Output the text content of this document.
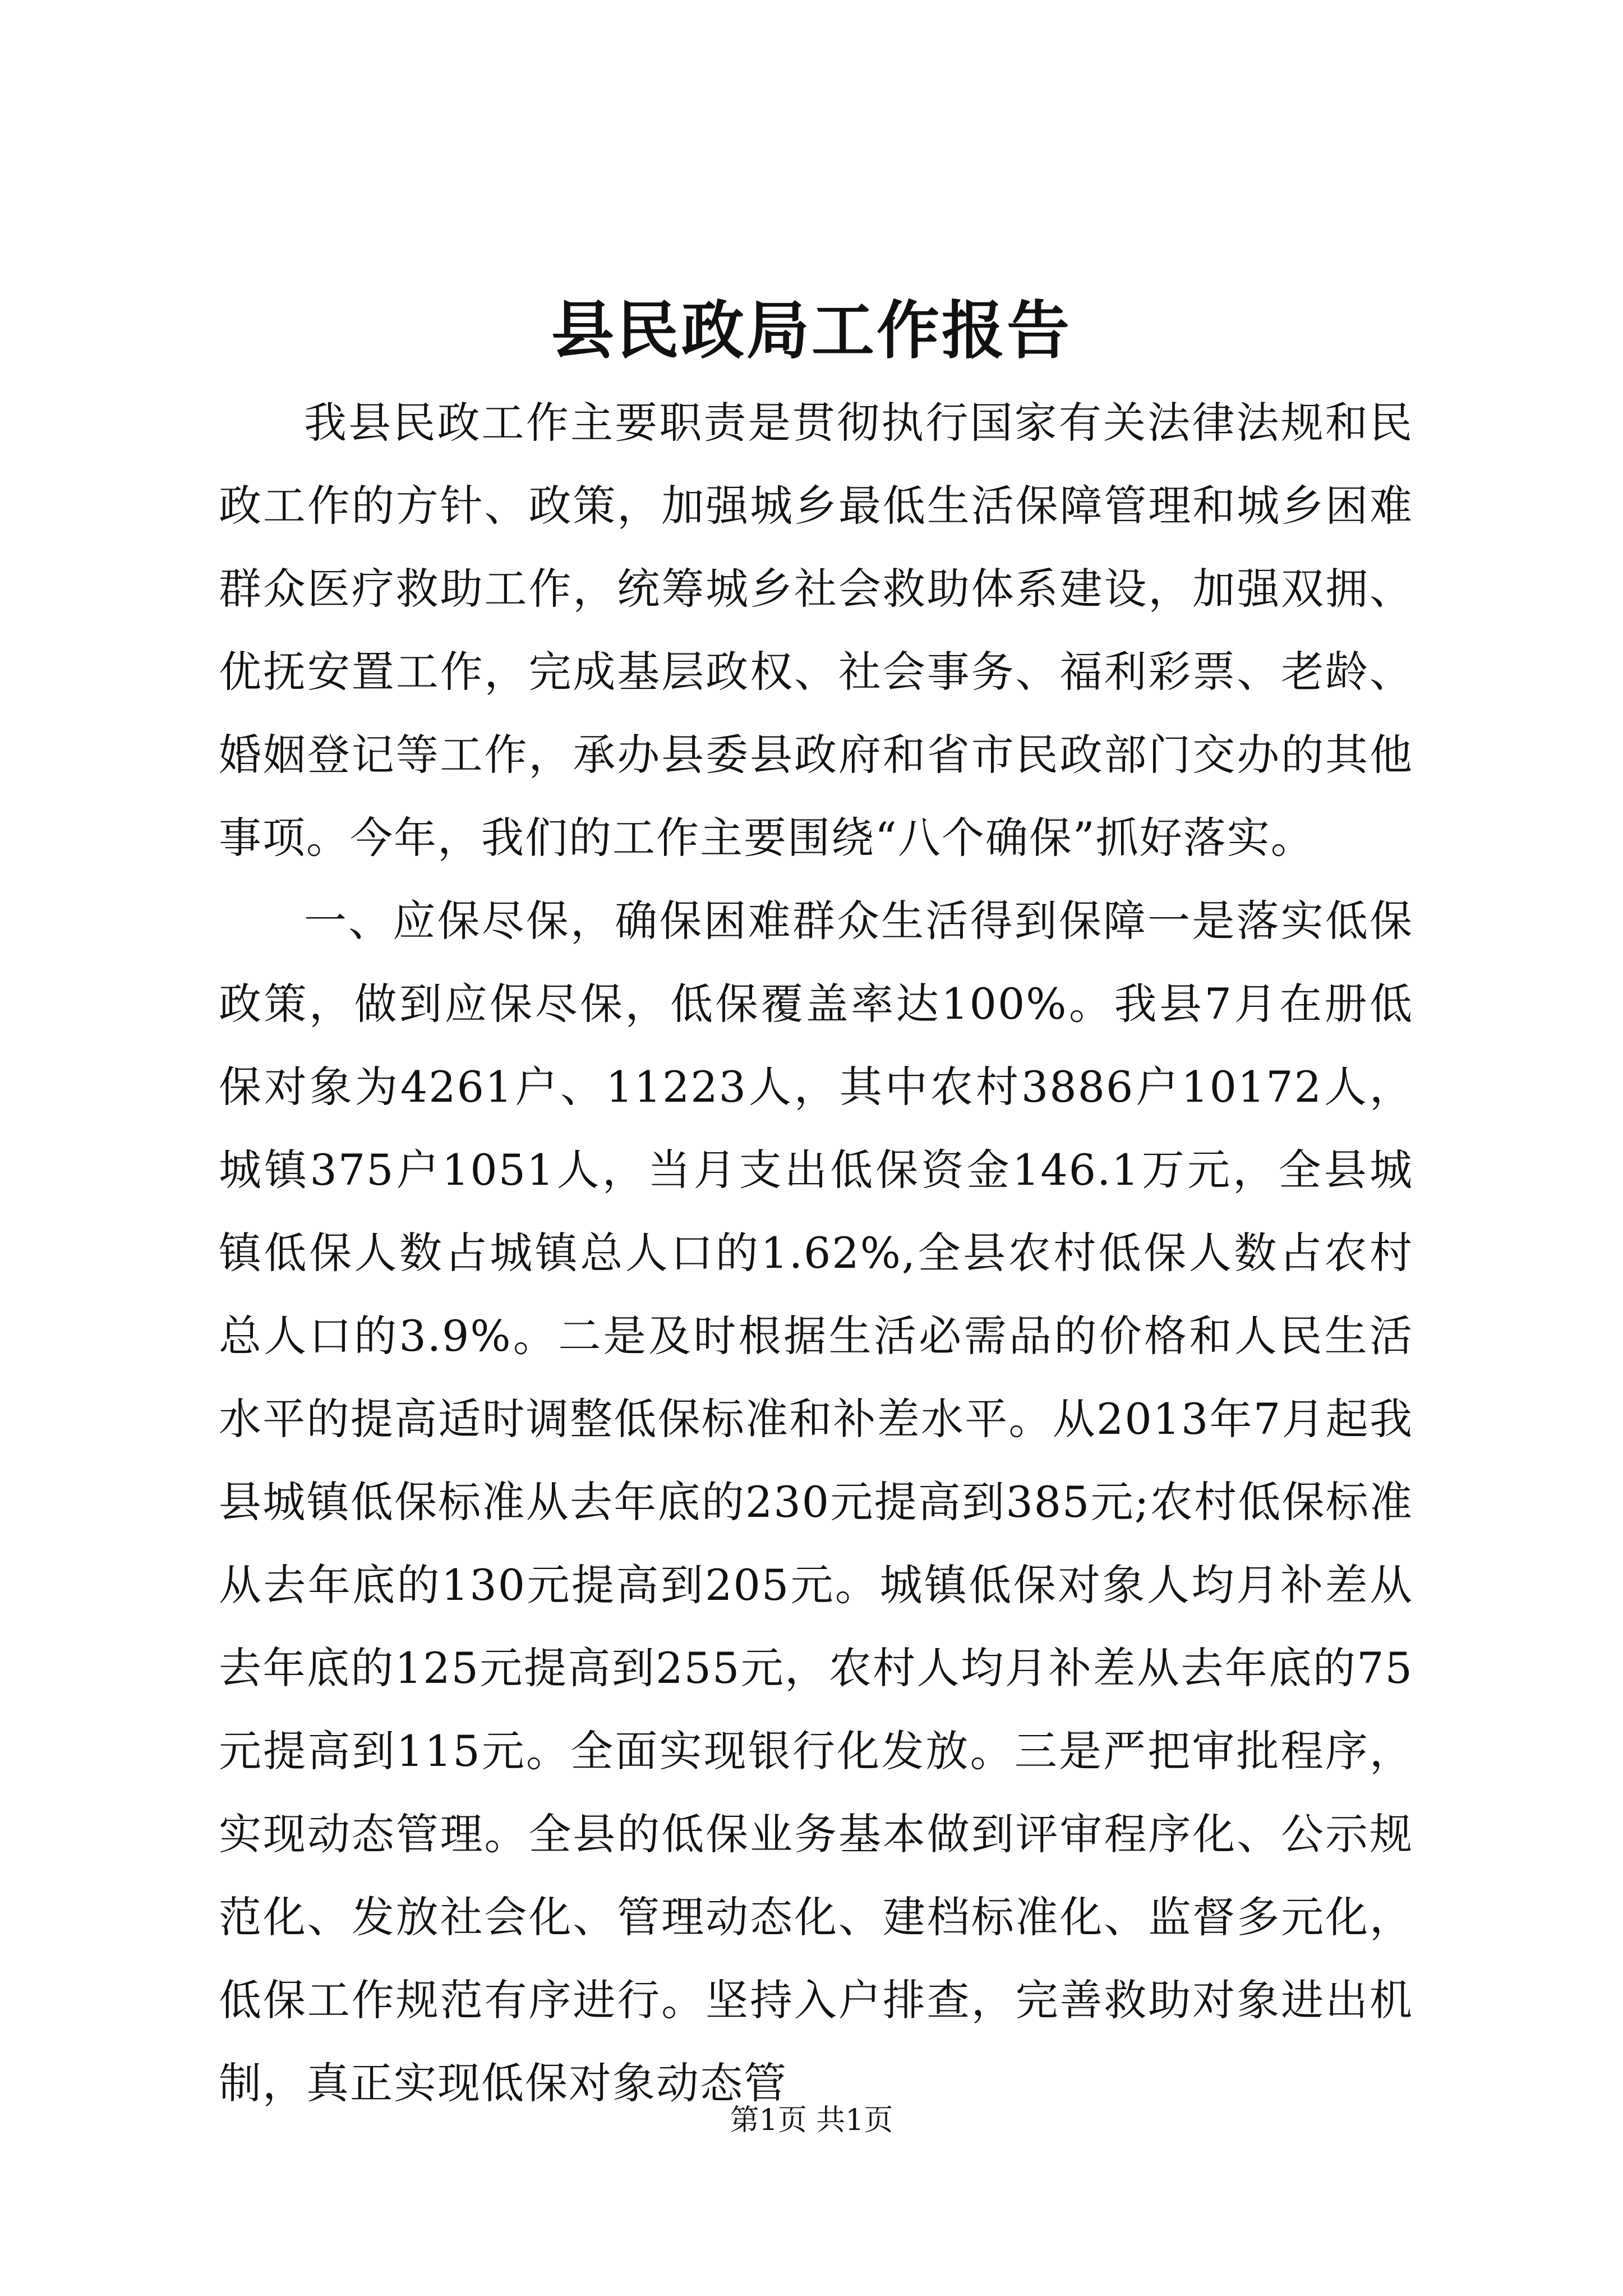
县民政局工作报告

我县民政工作主要职责是贯彻执行国家有关法律法规和民政工作的方针、政策，加强城乡最低生活保障管理和城乡困难群众医疗救助工作，统筹城乡社会救助体系建设，加强双拥、优抚安置工作，完成基层政权、社会事务、福利彩票、老龄、婚姻登记等工作，承办县委县政府和省市民政部门交办的其他事项。今年，我们的工作主要围绕“八个确保”抓好落实。

一、应保尽保，确保困难群众生活得到保障一是落实低保政策，做到应保尽保，低保覆盖率达100%。我县7月在册低保对象为4261户、11223人，其中农村3886户10172人，城镇375户1051人，当月支出低保资金146.1万元，全县城镇低保人数占城镇总人口的1.62%,全县农村低保人数占农村总人口的3.9%。二是及时根据生活必需品的价格和人民生活水平的提高适时调整低保标准和补差水平。从2013年7月起我县城镇低保标准从去年底的230元提高到385元;农村低保标准从去年底的130元提高到205元。城镇低保对象人均月补差从去年底的125元提高到255元，农村人均月补差从去年底的75元提高到115元。全面实现银行化发放。三是严把审批程序，实现动态管理。全县的低保业务基本做到评审程序化、公示规范化、发放社会化、管理动态化、建档标准化、监督多元化，低保工作规范有序进行。坚持入户排查，完善救助对象进出机制，真正实现低保对象动态管

第1页 共1页
